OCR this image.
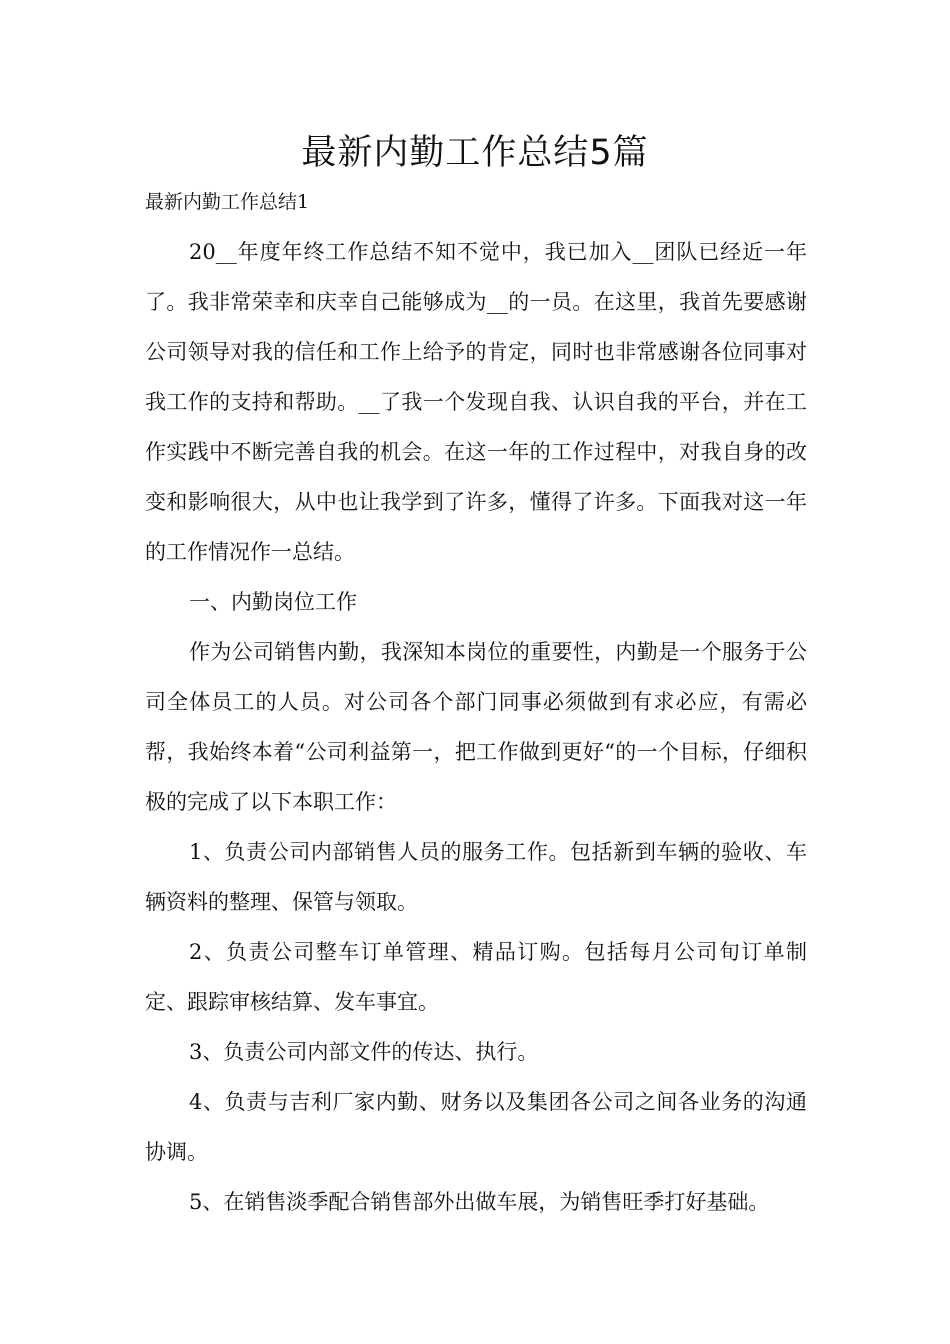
最新内勤工作总结5篇

最新内勤工作总结1

20__年度年终工作总结不知不觉中，我已加入__团队已经近一年了。我非常荣幸和庆幸自己能够成为__的一员。在这里，我首先要感谢公司领导对我的信任和工作上给予的肯定，同时也非常感谢各位同事对我工作的支持和帮助。__了我一个发现自我、认识自我的平台，并在工作实践中不断完善自我的机会。在这一年的工作过程中，对我自身的改变和影响很大，从中也让我学到了许多，懂得了许多。下面我对这一年的工作情况作一总结。

一、内勤岗位工作

作为公司销售内勤，我深知本岗位的重要性，内勤是一个服务于公司全体员工的人员。对公司各个部门同事必须做到有求必应，有需必帮，我始终本着“公司利益第一，把工作做到更好“的一个目标，仔细积极的完成了以下本职工作：

1、负责公司内部销售人员的服务工作。包括新到车辆的验收、车辆资料的整理、保管与领取。

2、负责公司整车订单管理、精品订购。包括每月公司旬订单制定、跟踪审核结算、发车事宜。

3、负责公司内部文件的传达、执行。

4、负责与吉利厂家内勤、财务以及集团各公司之间各业务的沟通协调。

5、在销售淡季配合销售部外出做车展，为销售旺季打好基础。
